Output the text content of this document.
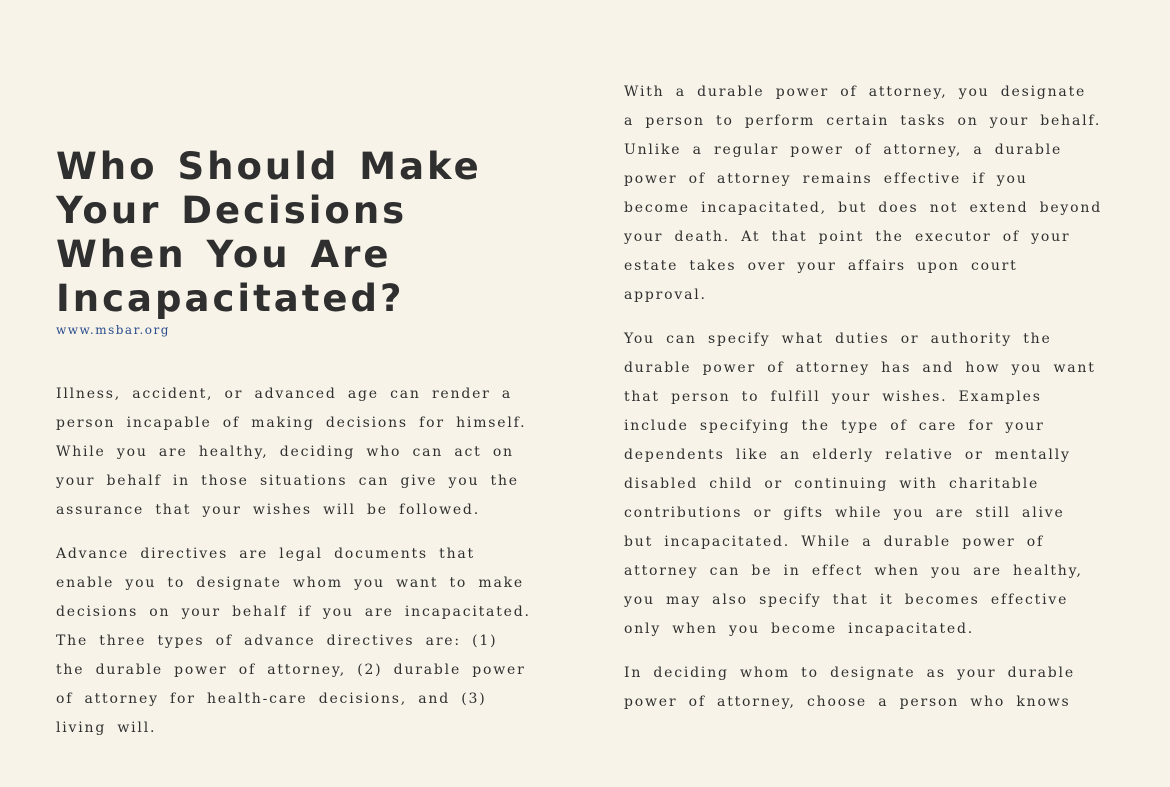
Who Should Make Your Decisions When You Are Incapacitated?
www.msbar.org

Illness, accident, or advanced age can render a person incapable of making decisions for himself. While you are healthy, deciding who can act on your behalf in those situations can give you the assurance that your wishes will be followed.

Advance directives are legal documents that enable you to designate whom you want to make decisions on your behalf if you are incapacitated. The three types of advance directives are: (1) the durable power of attorney, (2) durable power of attorney for health-care decisions, and (3) living will.

With a durable power of attorney, you designate a person to perform certain tasks on your behalf. Unlike a regular power of attorney, a durable power of attorney remains effective if you become incapacitated, but does not extend beyond your death. At that point the executor of your estate takes over your affairs upon court approval.

You can specify what duties or authority the durable power of attorney has and how you want that person to fulfill your wishes. Examples include specifying the type of care for your dependents like an elderly relative or mentally disabled child or continuing with charitable contributions or gifts while you are still alive but incapacitated. While a durable power of attorney can be in effect when you are healthy, you may also specify that it becomes effective only when you become incapacitated.

In deciding whom to designate as your durable power of attorney, choose a person who knows
